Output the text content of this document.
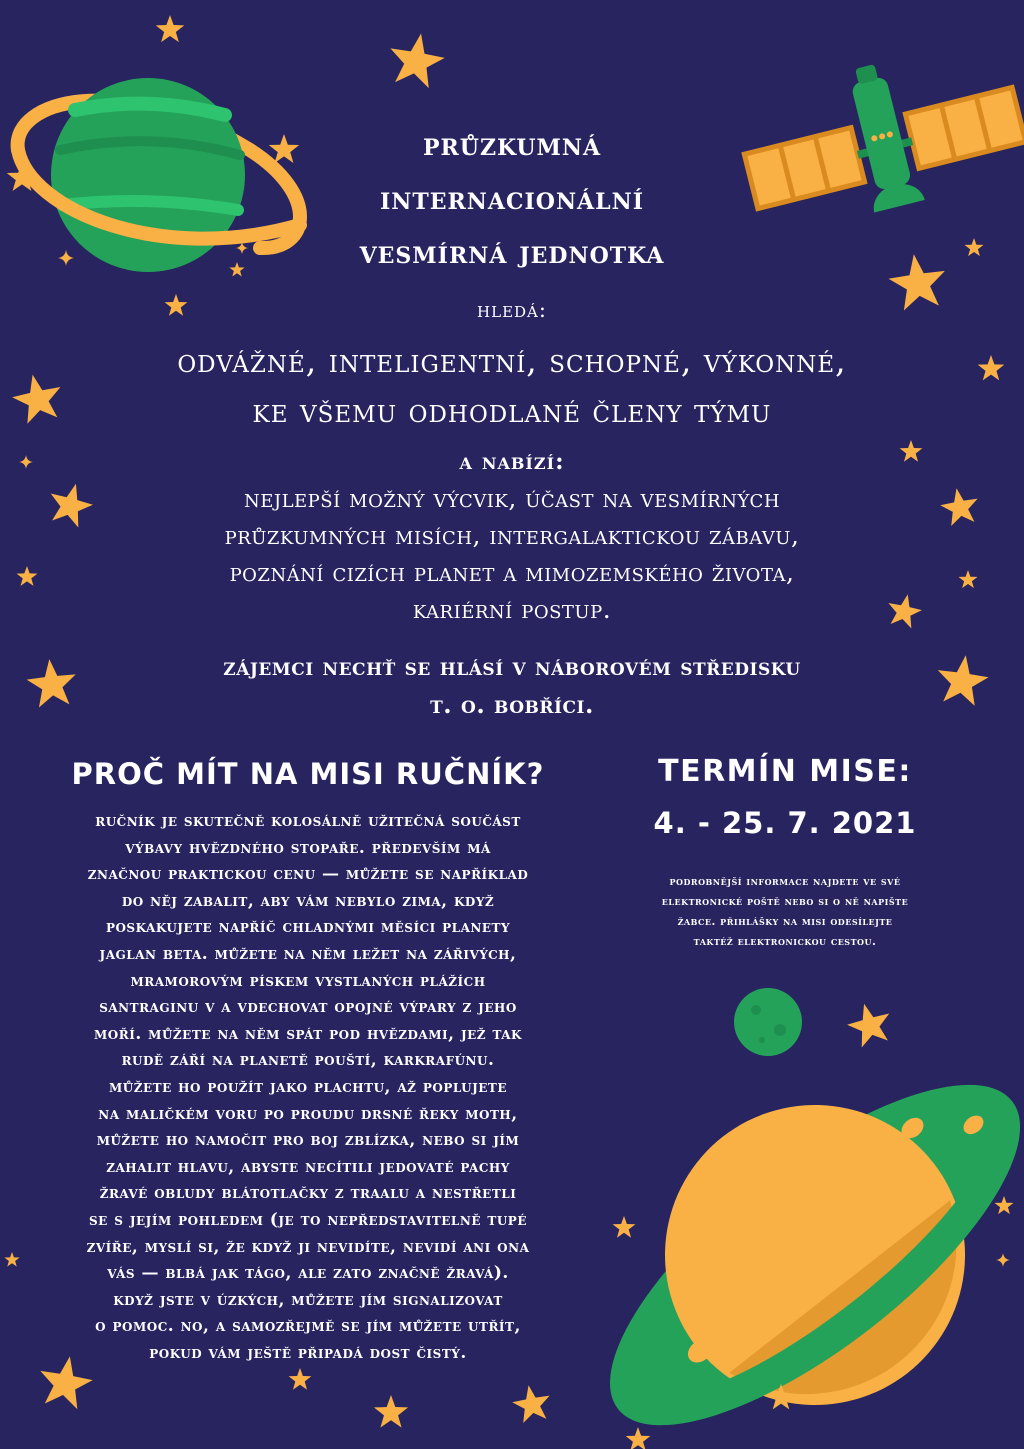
průzkumná
internacionální
vesmírná jednotka

hledá:

odvážné, inteligentní, schopné, výkonné,
ke všemu odhodlané členy týmu

a nabízí:

nejlepší možný výcvik, účast na vesmírných
průzkumných misích, intergalaktickou zábavu,
poznání cizích planet a mimozemského života,
kariérní postup.
zájemci nechť se hlásí v náborovém středisku
t. o. bobříci.
PROČ MÍT NA MISI RUČNÍK?
ručník je skutečně kolosálně užitečná součást
výbavy hvězdného stopaře. především má
značnou praktickou cenu — můžete se například
do něj zabalit, aby vám nebylo zima, když
poskakujete napříč chladnými měsíci planety
jaglan beta. můžete na něm ležet na zářivých,
mramorovým pískem vystlaných plážích
santraginu v a vdechovat opojné výpary z jeho
moří. můžete na něm spát pod hvězdami, jež tak
rudě září na planetě pouští, karkrafúnu.
můžete ho použít jako plachtu, až poplujete
na maličkém voru po proudu drsné řeky moth,
můžete ho namočit pro boj zblízka, nebo si jím
zahalit hlavu, abyste necítili jedovaté pachy
žravé obludy blátotlačky z traalu a nestřetli
se s jejím pohledem (je to nepředstavitelně tupé
zvíře, myslí si, že když ji nevidíte, nevidí ani ona
vás — blbá jak tágo, ale zato značně žravá).
když jste v úzkých, můžete jím signalizovat
o pomoc. no, a samozřejmě se jím můžete utřít,
pokud vám ještě připadá dost čistý.
TERMÍN MISE:

4. - 25. 7. 2021

podrobnější informace najdete ve své
elektronické poště nebo si o ně napište
žabce. přihlášky na misi odesílejte
taktéž elektronickou cestou.
